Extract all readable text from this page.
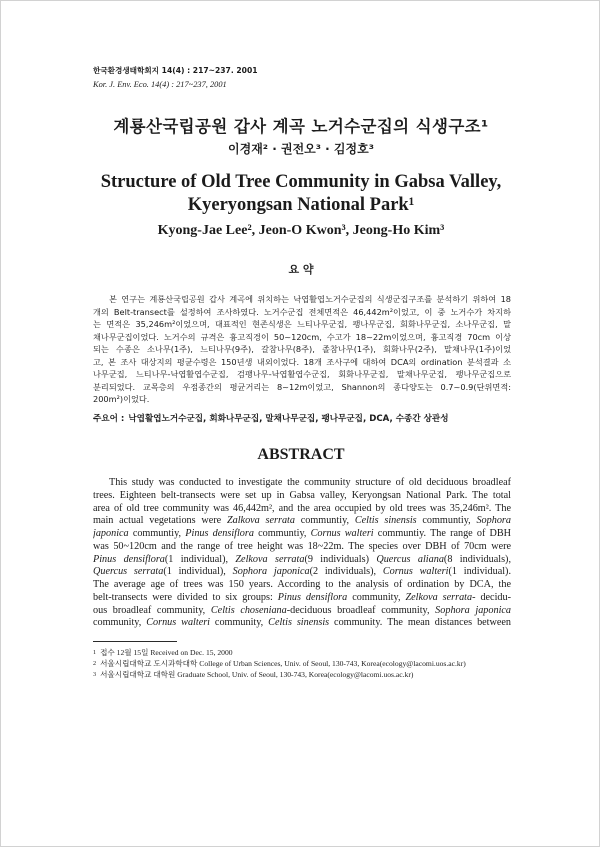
한국환경생태학회지 14(4) : 217~237. 2001
Kor. J. Env. Eco. 14(4) : 217~237, 2001
계룡산국립공원 갑사 계곡 노거수군집의 식생구조¹
이경재² · 권전오³ · 김정호³
Structure of Old Tree Community in Gabsa Valley, Kyeryongsan National Park¹
Kyong-Jae Lee², Jeon-O Kwon³, Jeong-Ho Kim³
요 약
본 연구는 계룡산국립공원 갑사 계곡에 위치하는 낙엽활엽노거수군집의 식생군집구조를 분석하기 위하여 18
개의 Belt-transect를 설정하여 조사하였다. 노거수군집 전체면적은 46,442m²이었고, 이 중 노거수가 차지하
는 면적은 35,246m²이었으며, 대표적인 현존식생은 느티나무군집, 팽나무군집, 회화나무군집, 소나무군집, 말
채나무군집이었다. 노거수의 규격은 흉고직경이 50~120cm, 수고가 18~22m이었으며, 흉고직경 70cm 이상
되는 수종은 소나무(1주), 느티나무(9주), 갈참나무(8주), 졸참나무(1주), 회화나무(2주), 말채나무(1주)이었
고, 본 조사 대상지의 평균수령은 150년생 내외이었다. 18개 조사구에 대하여 DCA의 ordination 분석결과 소
나무군집, 느티나무-낙엽활엽수군집, 검팽나무-낙엽활엽수군집, 회화나무군집, 말채나무군집, 팽나무군집으로
분리되었다. 교목층의 우점종간의 평균거리는 8~12m이었고, Shannon의 종다양도는 0.7~0.9(단위면적:
200m²)이었다.
주요어 : 낙엽활엽노거수군집, 회화나무군집, 말채나무군집, 팽나무군집, DCA, 수종간 상관성
ABSTRACT
This study was conducted to investigate the community structure of old deciduous broadleaf
trees. Eighteen belt-transects were set up in Gabsa valley, Keryongsan National Park. The total
area of old tree community was 46,442m², and the area occupied by old trees was 35,246m². The
main actual vegetations were Zalkova serrata communtiy, Celtis sinensis communtiy, Sophora
japonica communtiy, Pinus densiflora communtiy, Cornus walteri communtiy. The range of DBH
was 50~120cm and the range of tree height was 18~22m. The species over DBH of 70cm were
Pinus densiflora(1 individual), Zelkova serrata(9 individuals) Quercus aliana(8 individuals),
Quercus serrata(1 individual), Sophora japonica(2 individuals), Cornus walteri(1 individual).
The average age of trees was 150 years. According to the analysis of ordination by DCA, the
belt-transects were divided to six groups: Pinus densiflora community, Zelkova serrata- decidu-
ous broadleaf community, Celtis choseniana-deciduous broadleaf community, Sophora japonica
community, Cornus walteri community, Celtis sinensis community. The mean distances between
1 접수 12월 15일 Received on Dec. 15, 2000
2 서울시립대학교 도시과학대학 College of Urban Sciences, Univ. of Seoul, 130-743, Korea(ecology@lacomi.uos.ac.kr)
3 서울시립대학교 대학원 Graduate School, Univ. of Seoul, 130-743, Korea(ecology@lacomi.uos.ac.kr)
